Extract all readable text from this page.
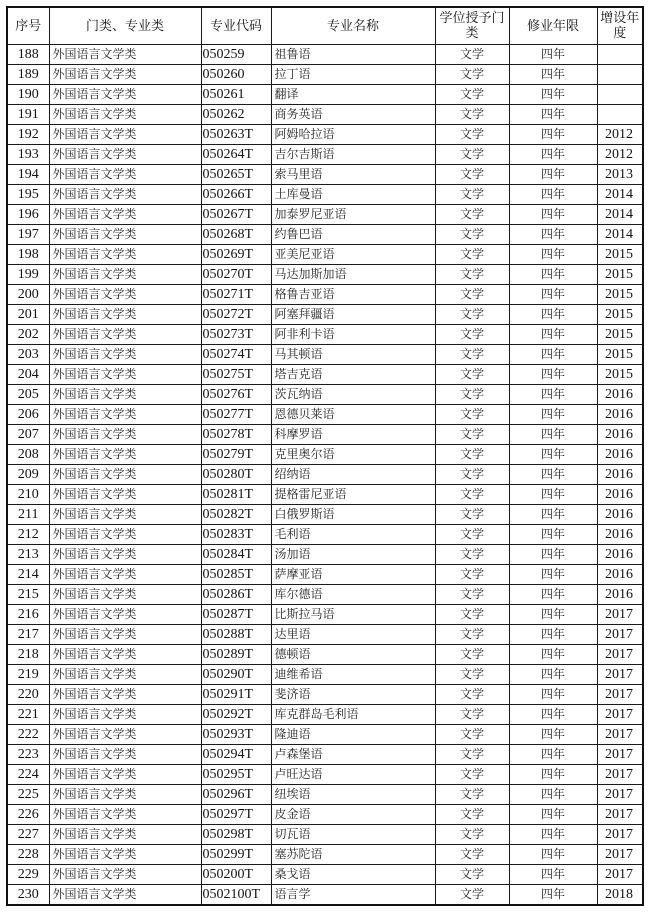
序号	门类、专业类	专业代码	专业名称	学位授予门类	修业年限	增设年度
188	外国语言文学类	050259	祖鲁语	文学	四年	
189	外国语言文学类	050260	拉丁语	文学	四年	
190	外国语言文学类	050261	翻译	文学	四年	
191	外国语言文学类	050262	商务英语	文学	四年	
192	外国语言文学类	050263T	阿姆哈拉语	文学	四年	2012
193	外国语言文学类	050264T	吉尔吉斯语	文学	四年	2012
194	外国语言文学类	050265T	索马里语	文学	四年	2013
195	外国语言文学类	050266T	土库曼语	文学	四年	2014
196	外国语言文学类	050267T	加泰罗尼亚语	文学	四年	2014
197	外国语言文学类	050268T	约鲁巴语	文学	四年	2014
198	外国语言文学类	050269T	亚美尼亚语	文学	四年	2015
199	外国语言文学类	050270T	马达加斯加语	文学	四年	2015
200	外国语言文学类	050271T	格鲁吉亚语	文学	四年	2015
201	外国语言文学类	050272T	阿塞拜疆语	文学	四年	2015
202	外国语言文学类	050273T	阿非利卡语	文学	四年	2015
203	外国语言文学类	050274T	马其顿语	文学	四年	2015
204	外国语言文学类	050275T	塔吉克语	文学	四年	2015
205	外国语言文学类	050276T	茨瓦纳语	文学	四年	2016
206	外国语言文学类	050277T	恩德贝莱语	文学	四年	2016
207	外国语言文学类	050278T	科摩罗语	文学	四年	2016
208	外国语言文学类	050279T	克里奥尔语	文学	四年	2016
209	外国语言文学类	050280T	绍纳语	文学	四年	2016
210	外国语言文学类	050281T	提格雷尼亚语	文学	四年	2016
211	外国语言文学类	050282T	白俄罗斯语	文学	四年	2016
212	外国语言文学类	050283T	毛利语	文学	四年	2016
213	外国语言文学类	050284T	汤加语	文学	四年	2016
214	外国语言文学类	050285T	萨摩亚语	文学	四年	2016
215	外国语言文学类	050286T	库尔德语	文学	四年	2016
216	外国语言文学类	050287T	比斯拉马语	文学	四年	2017
217	外国语言文学类	050288T	达里语	文学	四年	2017
218	外国语言文学类	050289T	德顿语	文学	四年	2017
219	外国语言文学类	050290T	迪维希语	文学	四年	2017
220	外国语言文学类	050291T	斐济语	文学	四年	2017
221	外国语言文学类	050292T	库克群岛毛利语	文学	四年	2017
222	外国语言文学类	050293T	隆迪语	文学	四年	2017
223	外国语言文学类	050294T	卢森堡语	文学	四年	2017
224	外国语言文学类	050295T	卢旺达语	文学	四年	2017
225	外国语言文学类	050296T	纽埃语	文学	四年	2017
226	外国语言文学类	050297T	皮金语	文学	四年	2017
227	外国语言文学类	050298T	切瓦语	文学	四年	2017
228	外国语言文学类	050299T	塞苏陀语	文学	四年	2017
229	外国语言文学类	050200T	桑戈语	文学	四年	2017
230	外国语言文学类	0502100T	语言学	文学	四年	2018
